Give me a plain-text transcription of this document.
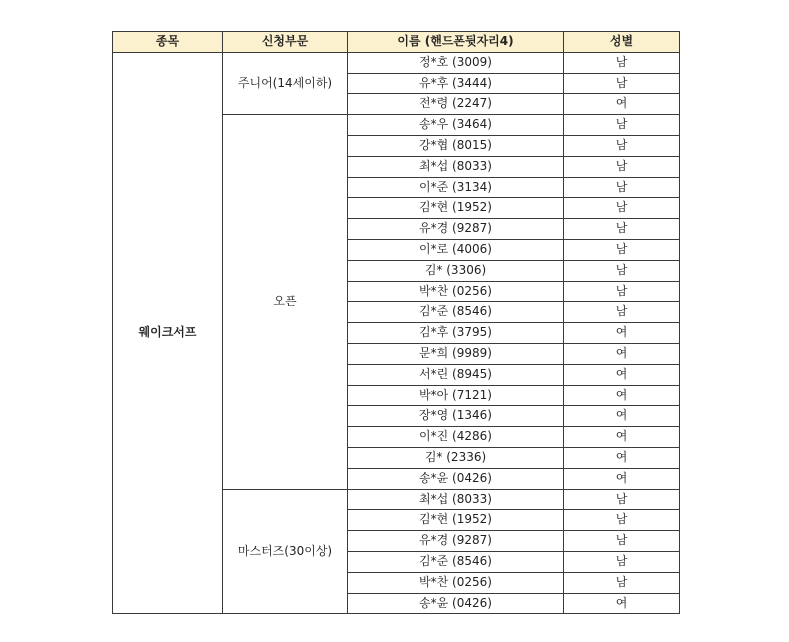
종목	신청부문	이름 (핸드폰뒷자리4)	성별
웨이크서프	주니어(14세이하)	정*호 (3009)	남
		유*후 (3444)	남
		전*령 (2247)	여
	오픈	송*우 (3464)	남
		강*협 (8015)	남
		최*섭 (8033)	남
		이*준 (3134)	남
		김*현 (1952)	남
		유*경 (9287)	남
		이*로 (4006)	남
		김* (3306)	남
		박*찬 (0256)	남
		김*준 (8546)	남
		김*후 (3795)	여
		문*희 (9989)	여
		서*린 (8945)	여
		박*아 (7121)	여
		장*영 (1346)	여
		이*진 (4286)	여
		김* (2336)	여
		송*윤 (0426)	여
	마스터즈(30이상)	최*섭 (8033)	남
		김*현 (1952)	남
		유*경 (9287)	남
		김*준 (8546)	남
		박*찬 (0256)	남
		송*윤 (0426)	여
